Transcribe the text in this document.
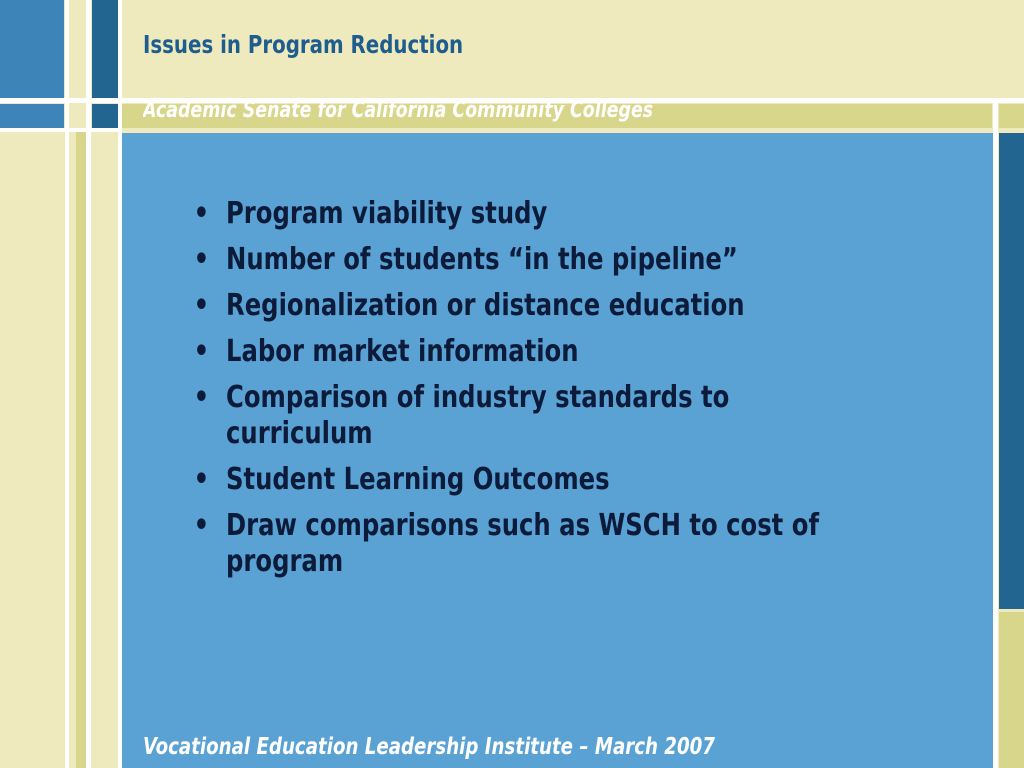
Issues in Program Reduction
Academic Senate for California Community Colleges
• Program viability study
• Number of students “in the pipeline”
• Regionalization or distance education
• Labor market information
• Comparison of industry standards to curriculum
• Student Learning Outcomes
• Draw comparisons such as WSCH to cost of program
Vocational Education Leadership Institute – March 2007
